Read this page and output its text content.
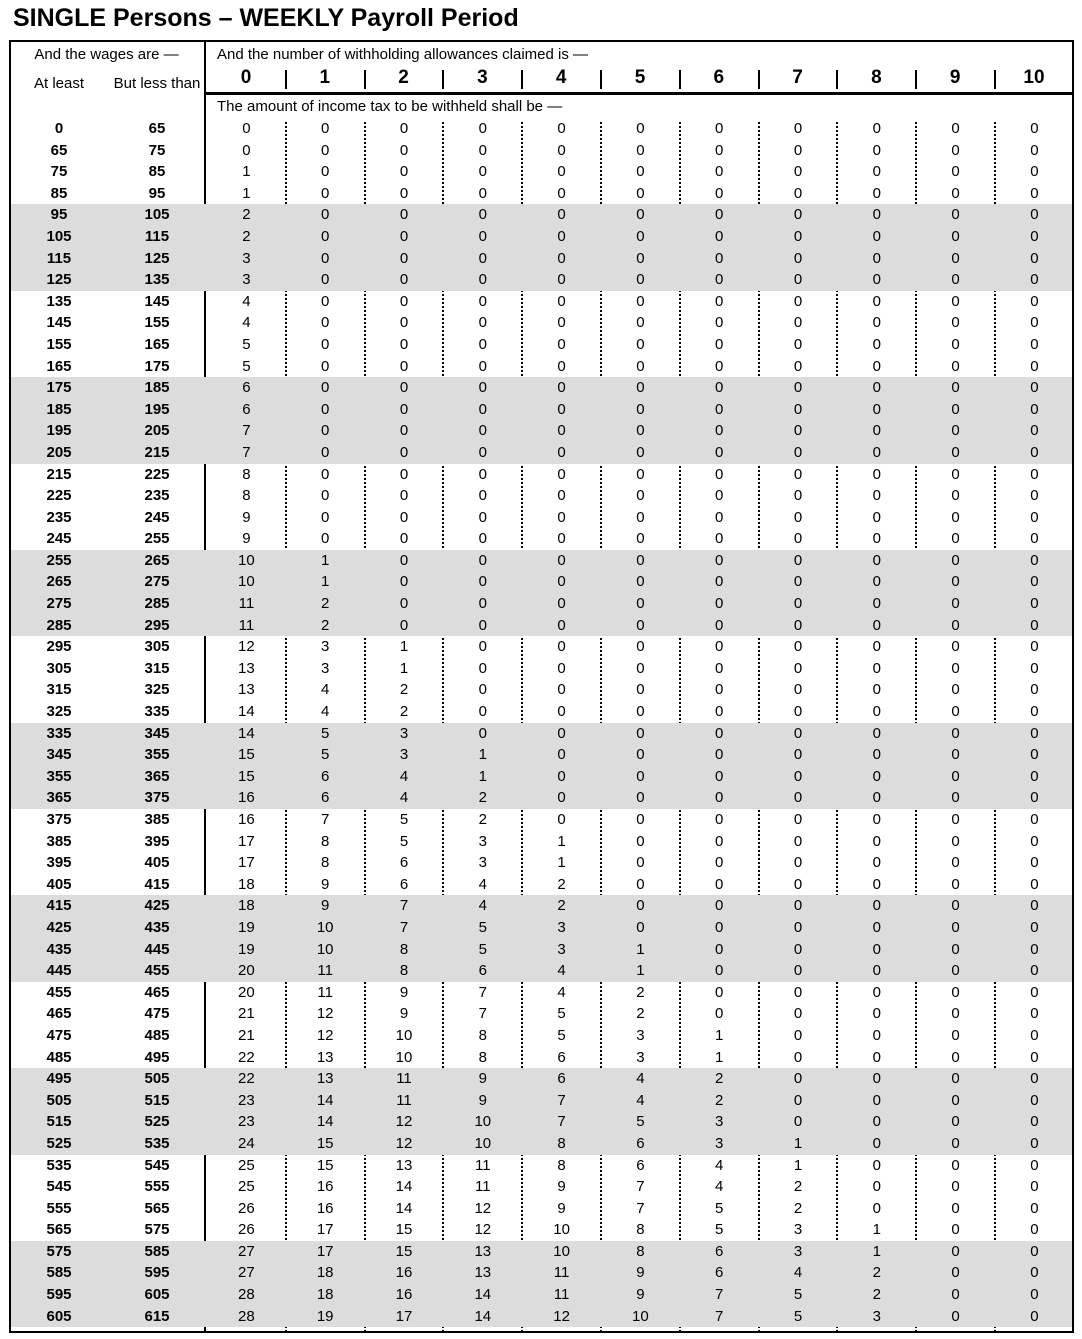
SINGLE Persons – WEEKLY Payroll Period
And the wages are —
At least	But less than
And the number of withholding allowances claimed is —
The amount of income tax to be withheld shall be —
0	1	2	3	4	5	6	7	8	9	10
0	65	0	0	0	0	0	0	0	0	0	0	0
65	75	0	0	0	0	0	0	0	0	0	0	0
75	85	1	0	0	0	0	0	0	0	0	0	0
85	95	1	0	0	0	0	0	0	0	0	0	0
95	105	2	0	0	0	0	0	0	0	0	0	0
105	115	2	0	0	0	0	0	0	0	0	0	0
115	125	3	0	0	0	0	0	0	0	0	0	0
125	135	3	0	0	0	0	0	0	0	0	0	0
135	145	4	0	0	0	0	0	0	0	0	0	0
145	155	4	0	0	0	0	0	0	0	0	0	0
155	165	5	0	0	0	0	0	0	0	0	0	0
165	175	5	0	0	0	0	0	0	0	0	0	0
175	185	6	0	0	0	0	0	0	0	0	0	0
185	195	6	0	0	0	0	0	0	0	0	0	0
195	205	7	0	0	0	0	0	0	0	0	0	0
205	215	7	0	0	0	0	0	0	0	0	0	0
215	225	8	0	0	0	0	0	0	0	0	0	0
225	235	8	0	0	0	0	0	0	0	0	0	0
235	245	9	0	0	0	0	0	0	0	0	0	0
245	255	9	0	0	0	0	0	0	0	0	0	0
255	265	10	1	0	0	0	0	0	0	0	0	0
265	275	10	1	0	0	0	0	0	0	0	0	0
275	285	11	2	0	0	0	0	0	0	0	0	0
285	295	11	2	0	0	0	0	0	0	0	0	0
295	305	12	3	1	0	0	0	0	0	0	0	0
305	315	13	3	1	0	0	0	0	0	0	0	0
315	325	13	4	2	0	0	0	0	0	0	0	0
325	335	14	4	2	0	0	0	0	0	0	0	0
335	345	14	5	3	0	0	0	0	0	0	0	0
345	355	15	5	3	1	0	0	0	0	0	0	0
355	365	15	6	4	1	0	0	0	0	0	0	0
365	375	16	6	4	2	0	0	0	0	0	0	0
375	385	16	7	5	2	0	0	0	0	0	0	0
385	395	17	8	5	3	1	0	0	0	0	0	0
395	405	17	8	6	3	1	0	0	0	0	0	0
405	415	18	9	6	4	2	0	0	0	0	0	0
415	425	18	9	7	4	2	0	0	0	0	0	0
425	435	19	10	7	5	3	0	0	0	0	0	0
435	445	19	10	8	5	3	1	0	0	0	0	0
445	455	20	11	8	6	4	1	0	0	0	0	0
455	465	20	11	9	7	4	2	0	0	0	0	0
465	475	21	12	9	7	5	2	0	0	0	0	0
475	485	21	12	10	8	5	3	1	0	0	0	0
485	495	22	13	10	8	6	3	1	0	0	0	0
495	505	22	13	11	9	6	4	2	0	0	0	0
505	515	23	14	11	9	7	4	2	0	0	0	0
515	525	23	14	12	10	7	5	3	0	0	0	0
525	535	24	15	12	10	8	6	3	1	0	0	0
535	545	25	15	13	11	8	6	4	1	0	0	0
545	555	25	16	14	11	9	7	4	2	0	0	0
555	565	26	16	14	12	9	7	5	2	0	0	0
565	575	26	17	15	12	10	8	5	3	1	0	0
575	585	27	17	15	13	10	8	6	3	1	0	0
585	595	27	18	16	13	11	9	6	4	2	0	0
595	605	28	18	16	14	11	9	7	5	2	0	0
605	615	28	19	17	14	12	10	7	5	3	0	0
